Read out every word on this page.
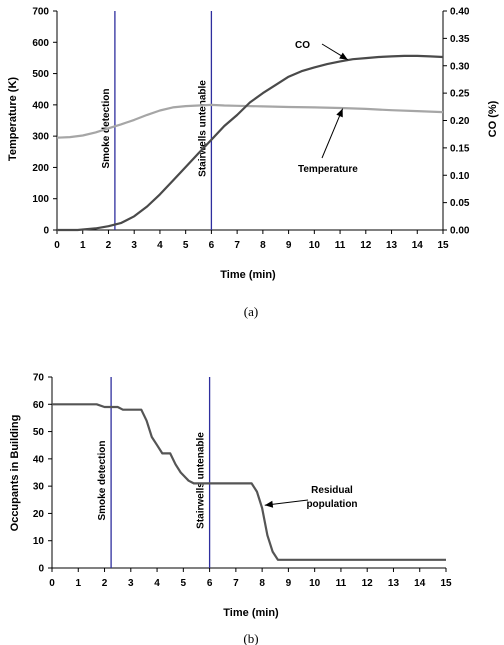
0 1 2 3 4 5 6 7 8 9 10 11 12 13 14 15
0
100
200
300
400
500
600
700
0.00
0.05
0.10
0.15
0.20
0.25
0.30
0.35
0.40
Smoke detection	Stairwells untenable
CO
Temperature
Time (min)
Temperature (K)	CO (%)
(a)
0 1 2 3 4 5 6 7 8 9 10 11 12 13 14 15
0
10
20
30
40
50
60
70
Smoke detection	Stairwells untenable	Residual
population
Time (min)
Occupants in Building
(b)
